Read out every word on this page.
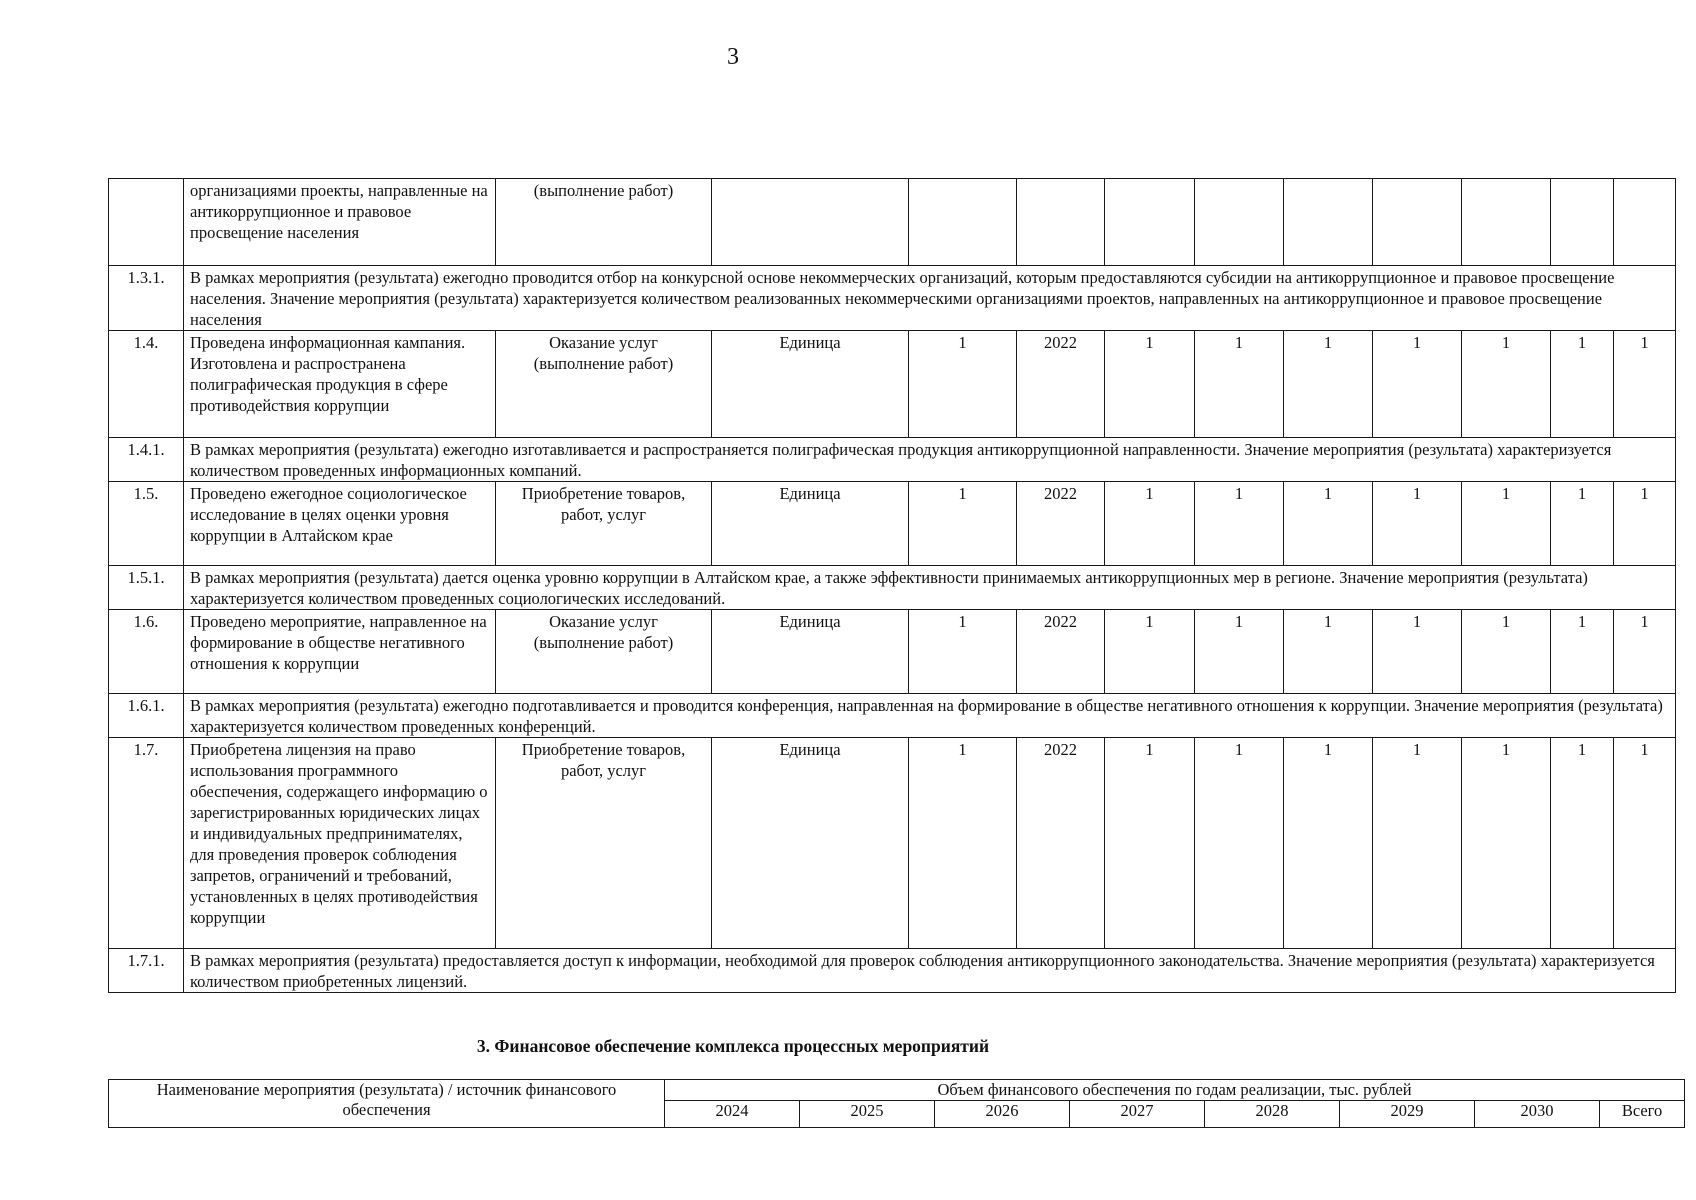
3
	организациями проекты, направленные на антикоррупционное и правовое просвещение населения	(выполнение работ)										
1.3.1.	В рамках мероприятия (результата) ежегодно проводится отбор на конкурсной основе некоммерческих организаций, которым предоставляются субсидии на антикоррупционное и правовое просвещение населения. Значение мероприятия (результата) характеризуется количеством реализованных некоммерческими организациями проектов, направленных на антикоррупционное и правовое просвещение населения											
1.4.	Проведена информационная кампания. Изготовлена и распространена полиграфическая продукция в сфере противодействия коррупции	Оказание услуг (выполнение работ)	Единица	1	2022	1	1	1	1	1	1	1
1.4.1.	В рамках мероприятия (результата) ежегодно изготавливается и распространяется полиграфическая продукция антикоррупционной направленности. Значение мероприятия (результата) характеризуется количеством проведенных информационных компаний.											
1.5.	Проведено ежегодное социологическое исследование в целях оценки уровня коррупции в Алтайском крае	Приобретение товаров, работ, услуг	Единица	1	2022	1	1	1	1	1	1	1
1.5.1.	В рамках мероприятия (результата) дается оценка уровню коррупции в Алтайском крае, а также эффективности принимаемых антикоррупционных мер в регионе. Значение мероприятия (результата) характеризуется количеством проведенных социологических исследований.											
1.6.	Проведено мероприятие, направленное на формирование в обществе негативного отношения к коррупции	Оказание услуг (выполнение работ)	Единица	1	2022	1	1	1	1	1	1	1
1.6.1.	В рамках мероприятия (результата) ежегодно подготавливается и проводится конференция, направленная на формирование в обществе негативного отношения к коррупции. Значение мероприятия (результата) характеризуется количеством проведенных конференций.											
1.7.	Приобретена лицензия на право использования программного обеспечения, содержащего информацию о зарегистрированных юридических лицах и индивидуальных предпринимателях, для проведения проверок соблюдения запретов, ограничений и требований, установленных в целях противодействия коррупции	Приобретение товаров, работ, услуг	Единица	1	2022	1	1	1	1	1	1	1
1.7.1.	В рамках мероприятия (результата) предоставляется доступ к информации, необходимой для проверок соблюдения антикоррупционного законодательства. Значение мероприятия (результата) характеризуется количеством приобретенных лицензий.											
3. Финансовое обеспечение комплекса процессных мероприятий
Наименование мероприятия (результата) / источник финансового обеспечения	Объем финансового обеспечения по годам реализации, тыс. рублей							
	2024	2025	2026	2027	2028	2029	2030	Всего
